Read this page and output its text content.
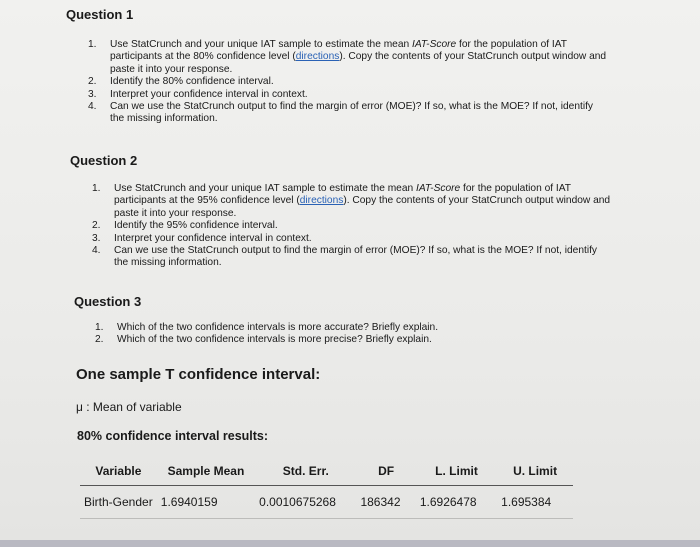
Question 1
1. Use StatCrunch and your unique IAT sample to estimate the mean IAT-Score for the population of IAT participants at the 80% confidence level (directions). Copy the contents of your StatCrunch output window and paste it into your response.
2. Identify the 80% confidence interval.
3. Interpret your confidence interval in context.
4. Can we use the StatCrunch output to find the margin of error (MOE)? If so, what is the MOE? If not, identify the missing information.
Question 2
1. Use StatCrunch and your unique IAT sample to estimate the mean IAT-Score for the population of IAT participants at the 95% confidence level (directions). Copy the contents of your StatCrunch output window and paste it into your response.
2. Identify the 95% confidence interval.
3. Interpret your confidence interval in context.
4. Can we use the StatCrunch output to find the margin of error (MOE)? If so, what is the MOE? If not, identify the missing information.
Question 3
1. Which of the two confidence intervals is more accurate? Briefly explain.
2. Which of the two confidence intervals is more precise? Briefly explain.
One sample T confidence interval:
μ : Mean of variable
80% confidence interval results:
Variable	Sample Mean	Std. Err.	DF	L. Limit	U. Limit
Birth-Gender	1.6940159	0.0010675268	186342	1.6926478	1.695384
